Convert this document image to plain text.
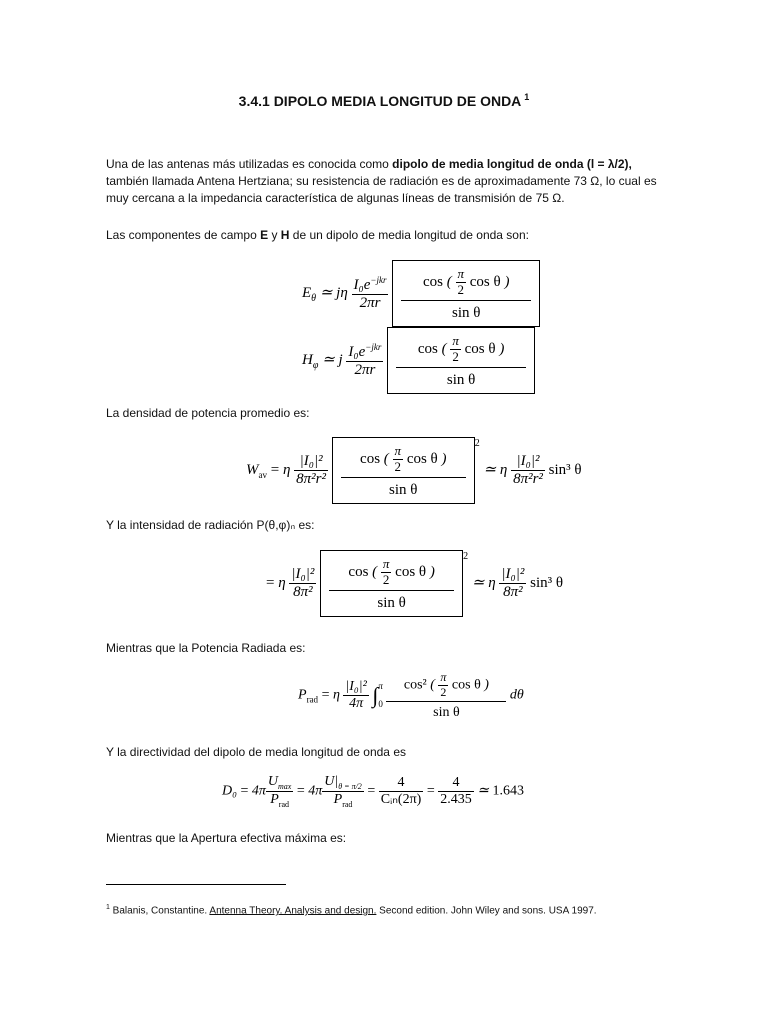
3.4.1 DIPOLO MEDIA LONGITUD DE ONDA $^1$
Una de las antenas más utilizadas es conocida como dipolo de media longitud de onda (l = λ/2),
también llamada Antena Hertziana; su resistencia de radiación es de aproximadamente 73 Ω, lo cual es
muy cercana a la impedancia característica de algunas líneas de transmisión de 75 Ω.
Las componentes de campo E y H de un dipolo de media longitud de onda son:
$E_\theta$ ≃ jη $\frac{I_0e^{-jkr}}{2\pi r}$
$\frac{\cos ( \frac{\pi}{2} \cos \theta )}{\text{sin θ}}$
$H_\varphi$ ≃ j $\frac{I_0e^{-jkr}}{2\pi r}$
$\frac{\cos ( \frac{\pi}{2} \cos \theta )}{\text{sin θ}}$
La densidad de potencia promedio es:
$W_{av} = \eta \frac{\text{|I₀|²}}{\text{8π²r²}}$
$\frac{\cos ( \frac{\pi}{2} \cos \theta )}{\text{sin θ}} ^2$ ≃ η $\frac{\text{|I₀|²}}{\text{8π²r²}} \sin^3$ θ
Y la intensidad de radiación P(θ,φ)ₙ es:
= η $\frac{\text{|I₀|²}}{\text{8π²}}$
$\frac{\cos ( \frac{\pi}{2} \cos \theta )}{\text{sin θ}} ^2$ ≃ η $\frac{\text{|I₀|²}}{\text{8π²}} \sin^3$ θ
Mientras que la Potencia Radiada es:
$P_{rad} = \eta \frac{\text{|I₀|²}}{4\pi}$ ∫ π
0
$\frac{\cos^2 ( \frac{\pi}{2} \cos \theta )}{\text{sin θ}}$ dθ
Y la directividad del dipolo de media longitud de onda es
$D_0 = 4\pi \frac{U_{max}}{P_{rad}} = 4\pi \frac{U|_{\theta = \pi/2}}{P_{rad}} = \frac{4}{\text{Cᵢₙ(2π)}} = \frac{4}{2.435}$ ≃ 1.643
Mientras que la Apertura efectiva máxima es:
$^1$ Balanis, Constantine. Antenna Theory. Analysis and design. Second edition. John Wiley and sons. USA 1997.
